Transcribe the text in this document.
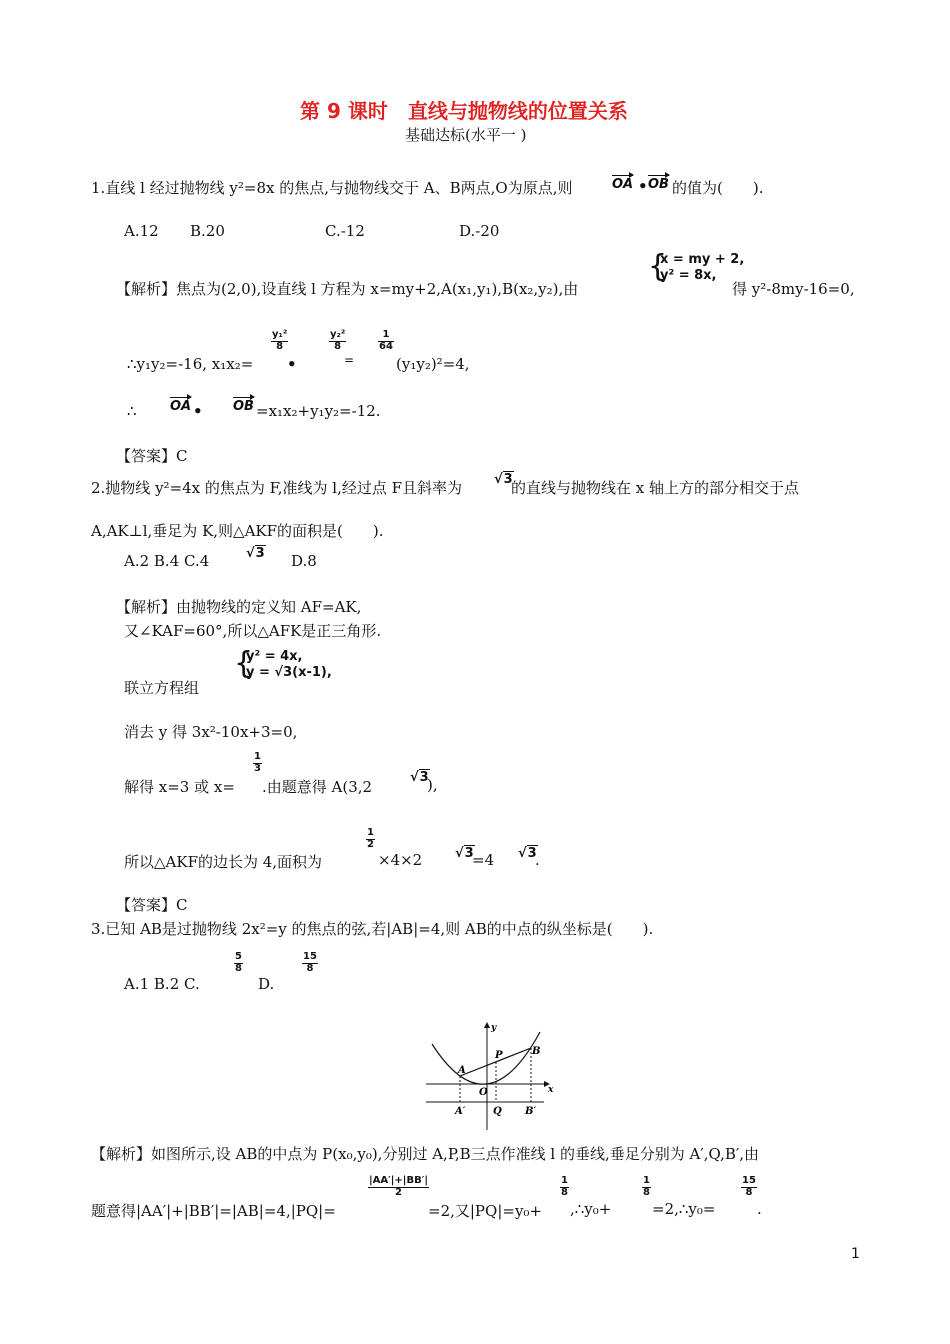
第 9 课时　直线与抛物线的位置关系
基础达标(水平一 )
1.直线 l 经过抛物线 y²=8x 的焦点,与抛物线交于 A、B两点,O为原点,则	OA • OB 的值为(　　).
A.12 B.20	C.-12	D.-20
【解析】焦点为(2,0),设直线 l 方程为 x=my+2,A(x₁,y₁),B(x₂,y₂),由
{ x = my + 2,
y² = 8x,
得 y²-8my-16=0,
∴y₁y₂=-16, x₁x₂=
$\frac{\text{y₁²}}{8}$
•
$\frac{\text{y₂²}}{8}$
=
$\frac{1}{64}$
(y₁y₂)²=4,
∴	OA • OB =x₁x₂+y₁y₂=-12.
【答案】C
2.抛物线 y²=4x 的焦点为 F,准线为 l,经过点 F且斜率为 √3
的直线与抛物线在 x 轴上方的部分相交于点
A,AK⊥l,垂足为 K,则△AKF的面积是(　　).
A.2 B.4 C.4	√3 D.8
【解析】由抛物线的定义知 AF=AK,
又∠KAF=60°,所以△AFK是正三角形.
{ y² = 4x,
y = √3(x-1),
联立方程组
消去 y 得 3x²-10x+3=0,
解得 x=3 或 x=
$\frac{1}{3}$
.由题意得 A(3,2
√3
),
所以△AKF的边长为 4,面积为
$\frac{1}{2}$
×4×2	√3
=4 √3
.
【答案】C
3.已知 AB是过抛物线 2x²=y 的焦点的弦,若|AB|=4,则 AB的中点的纵坐标是(　　).
A.1 B.2 C.
$\frac{5}{8}$
D.
$\frac{15}{8}$
y
x
A
B
P
O
Q
A′	B′
【解析】如图所示,设 AB的中点为 P(x₀,y₀),分别过 A,P,B三点作准线 l 的垂线,垂足分别为 A′,Q,B′,由
题意得|AA′|+|BB′|=|AB|=4,|PQ|=
$\frac{|AA'|+|BB'|}{2}$
=2,又|PQ|=y₀+
$\frac{1}{8}$
,∴y₀+
$\frac{1}{8}$
=2,∴y₀=
$\frac{15}{8}$
.
1
